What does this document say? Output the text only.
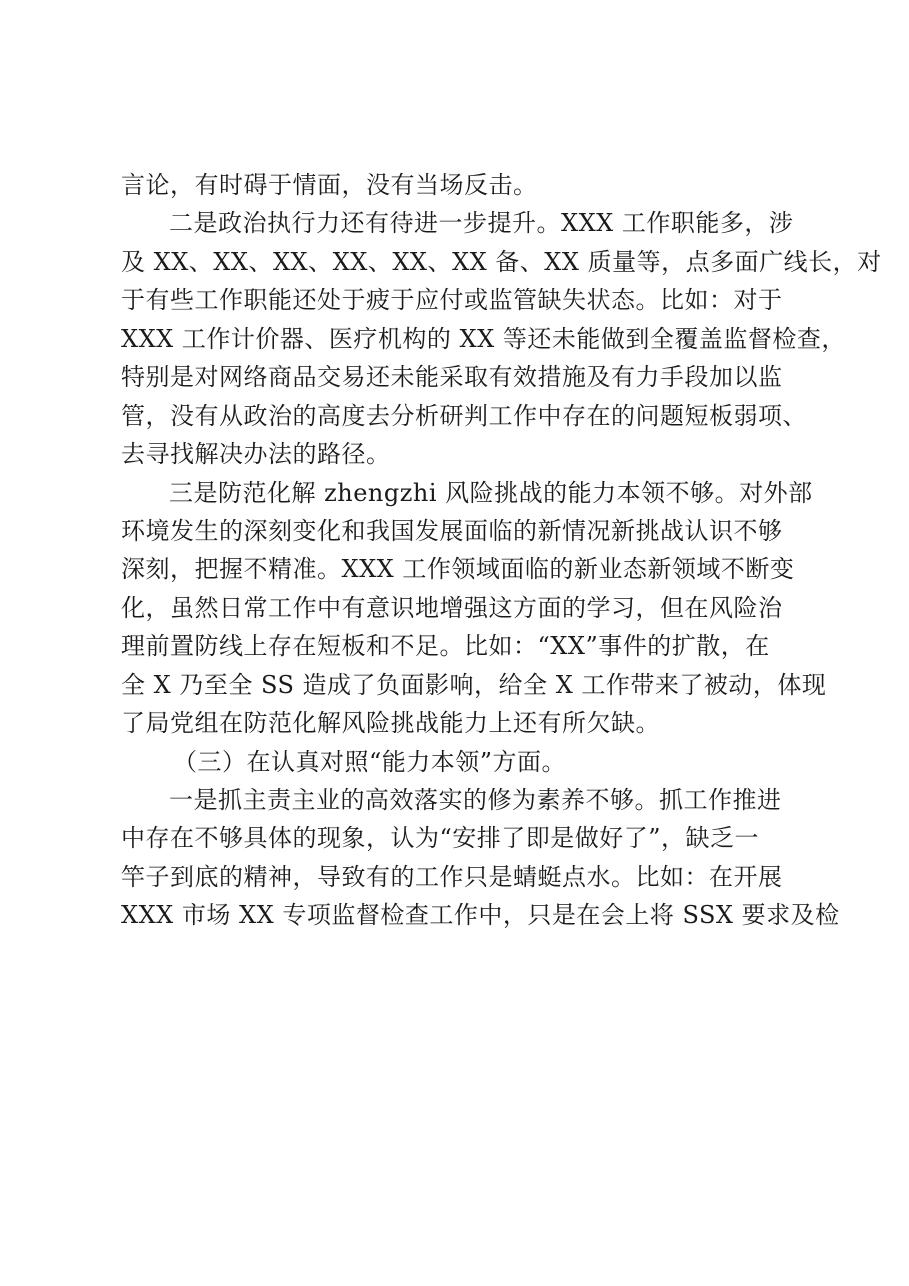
言论，有时碍于情面，没有当场反击。
二是政治执行力还有待进一步提升。XXX 工作职能多，涉
及 XX、XX、XX、XX、XX、XX 备、XX 质量等，点多面广线长，对
于有些工作职能还处于疲于应付或监管缺失状态。比如：对于
XXX 工作计价器、医疗机构的 XX 等还未能做到全覆盖监督检查，
特别是对网络商品交易还未能采取有效措施及有力手段加以监
管，没有从政治的高度去分析研判工作中存在的问题短板弱项、
去寻找解决办法的路径。
三是防范化解 zhengzhi 风险挑战的能力本领不够。对外部
环境发生的深刻变化和我国发展面临的新情况新挑战认识不够
深刻，把握不精准。XXX 工作领域面临的新业态新领域不断变
化，虽然日常工作中有意识地增强这方面的学习，但在风险治
理前置防线上存在短板和不足。比如：“XX”事件的扩散，在
全 X 乃至全 SS 造成了负面影响，给全 X 工作带来了被动，体现
了局党组在防范化解风险挑战能力上还有所欠缺。
（三）在认真对照“能力本领”方面。
一是抓主责主业的高效落实的修为素养不够。抓工作推进
中存在不够具体的现象，认为“安排了即是做好了”，缺乏一
竿子到底的精神，导致有的工作只是蜻蜓点水。比如：在开展
XXX 市场 XX 专项监督检查工作中，只是在会上将 SSX 要求及检
